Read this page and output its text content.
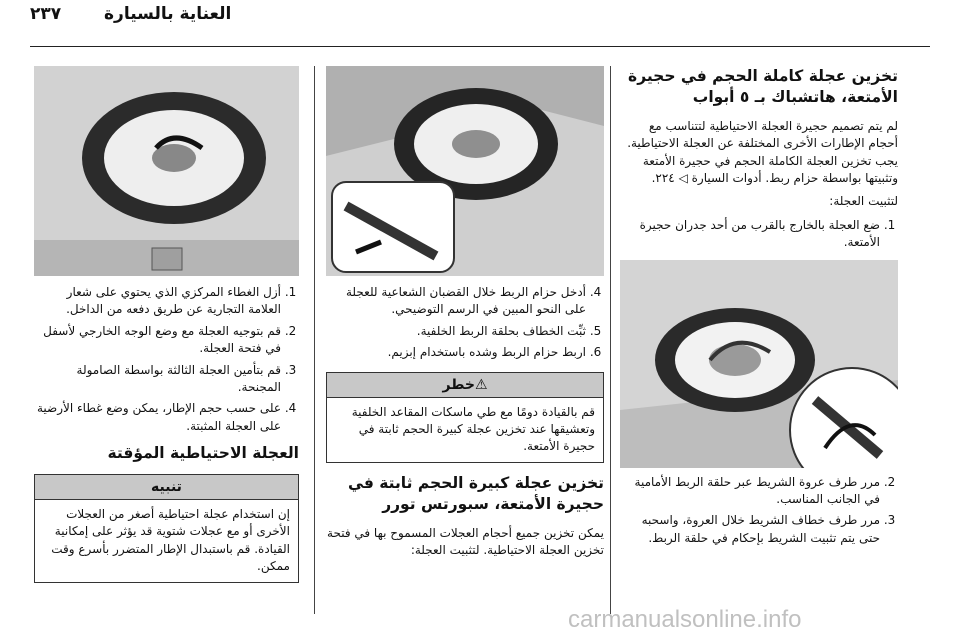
العناية بالسيارة
٢٣٧
تخزين عجلة كاملة الحجم في حجيرة الأمتعة، هاتشباك بـ ٥ أبواب

لم يتم تصميم حجيرة العجلة الاحتياطية لتتناسب مع أحجام الإطارات الأخرى المختلفة عن العجلة الاحتياطية. يجب تخزين العجلة الكاملة الحجم في حجيرة الأمتعة وتثبيتها بواسطة حزام ربط. أدوات السيارة ◁ ٢٢٤.

لتثبيت العجلة:

1. ضع العجلة بالخارج بالقرب من أحد جدران حجيرة الأمتعة.
2. مرر طرف عروة الشريط عبر حلقة الربط الأمامية في الجانب المناسب.
3. مرر طرف خطاف الشريط خلال العروة، واسحبه حتى يتم تثبيت الشريط بإحكام في حلقة الربط.
4. أدخل حزام الربط خلال القضبان الشعاعية للعجلة على النحو المبين في الرسم التوضيحي.
5. ثبِّت الخطاف بحلقة الربط الخلفية.
6. اربط حزام الربط وشده باستخدام إبزيم.
⚠خطر
قم بالقيادة دومًا مع طي ماسكات المقاعد الخلفية وتعشيقها عند تخزين عجلة كبيرة الحجم ثابتة في حجيرة الأمتعة.
تخزين عجلة كبيرة الحجم ثابتة في حجيرة الأمتعة، سبورتس تورر

يمكن تخزين جميع أحجام العجلات المسموح بها في فتحة تخزين العجلة الاحتياطية. لتثبيت العجلة:

1. أزل الغطاء المركزي الذي يحتوي على شعار العلامة التجارية عن طريق دفعه من الداخل.
2. قم بتوجيه العجلة مع وضع الوجه الخارجي لأسفل في فتحة العجلة.
3. قم بتأمين العجلة الثالثة بواسطة الصامولة المجنحة.
4. على حسب حجم الإطار، يمكن وضع غطاء الأرضية على العجلة المثبتة.
العجلة الاحتياطية المؤقتة
تنبيه
إن استخدام عجلة احتياطية أصغر من العجلات الأخرى أو مع عجلات شتوية قد يؤثر على إمكانية القيادة. قم باستبدال الإطار المتضرر بأسرع وقت ممكن.
carmanualsonline.info
